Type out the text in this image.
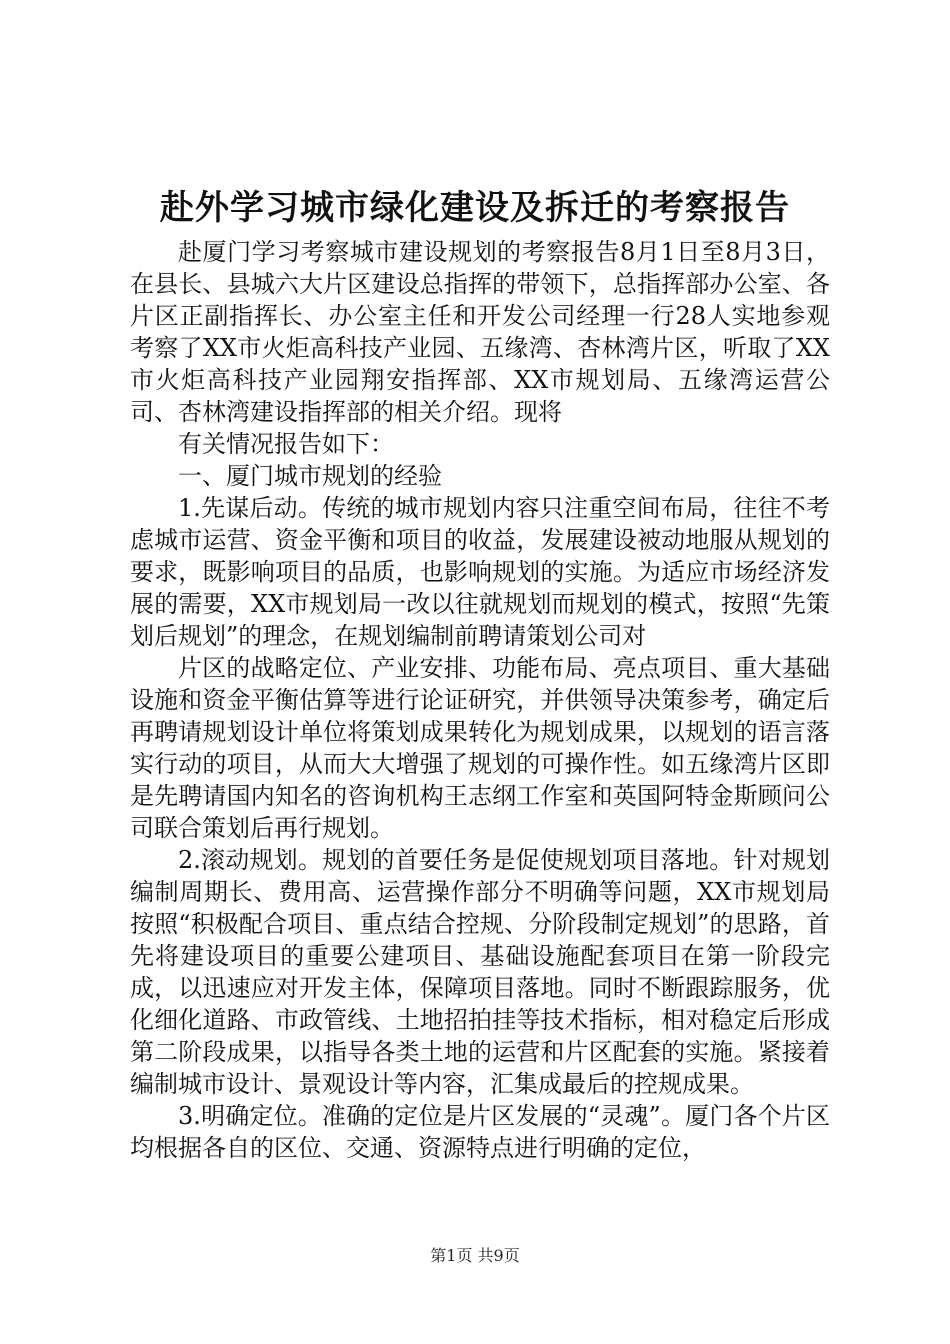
赴外学习城市绿化建设及拆迁的考察报告

赴厦门学习考察城市建设规划的考察报告8月1日至8月3日，在县长、县城六大片区建设总指挥的带领下，总指挥部办公室、各片区正副指挥长、办公室主任和开发公司经理一行28人实地参观考察了XX市火炬高科技产业园、五缘湾、杏林湾片区，听取了XX市火炬高科技产业园翔安指挥部、XX市规划局、五缘湾运营公司、杏林湾建设指挥部的相关介绍。现将

有关情况报告如下：

一、厦门城市规划的经验

1.先谋后动。传统的城市规划内容只注重空间布局，往往不考虑城市运营、资金平衡和项目的收益，发展建设被动地服从规划的要求，既影响项目的品质，也影响规划的实施。为适应市场经济发展的需要，XX市规划局一改以往就规划而规划的模式，按照“先策划后规划”的理念，在规划编制前聘请策划公司对

片区的战略定位、产业安排、功能布局、亮点项目、重大基础设施和资金平衡估算等进行论证研究，并供领导决策参考，确定后再聘请规划设计单位将策划成果转化为规划成果，以规划的语言落实行动的项目，从而大大增强了规划的可操作性。如五缘湾片区即是先聘请国内知名的咨询机构王志纲工作室和英国阿特金斯顾问公司联合策划后再行规划。

2.滚动规划。规划的首要任务是促使规划项目落地。针对规划编制周期长、费用高、运营操作部分不明确等问题，XX市规划局按照“积极配合项目、重点结合控规、分阶段制定规划”的思路，首先将建设项目的重要公建项目、基础设施配套项目在第一阶段完成，以迅速应对开发主体，保障项目落地。同时不断跟踪服务，优化细化道路、市政管线、土地招拍挂等技术指标，相对稳定后形成第二阶段成果，以指导各类土地的运营和片区配套的实施。紧接着编制城市设计、景观设计等内容，汇集成最后的控规成果。

3.明确定位。准确的定位是片区发展的“灵魂”。厦门各个片区均根据各自的区位、交通、资源特点进行明确的定位，

第1页 共9页
